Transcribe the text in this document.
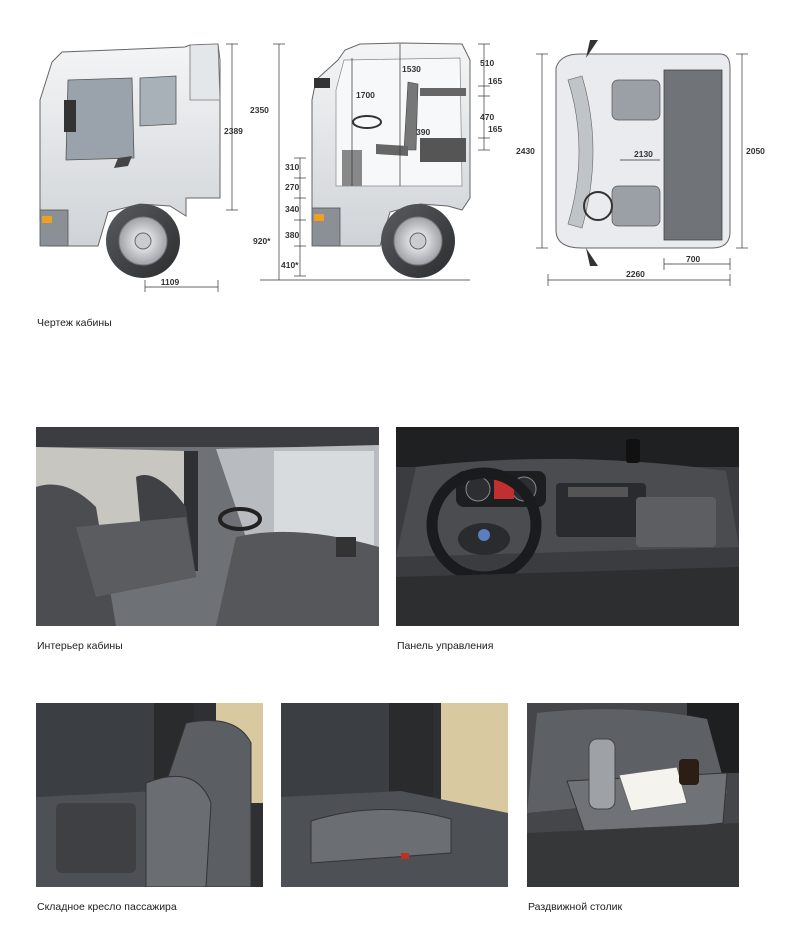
2389
1109
2350
1700
1530
510
165
470
165
390
310
270
340
380
410*
920*
2430	2130	2050
2260
700
Чертеж кабины
Интерьер кабины	Панель управления
Складное кресло пассажира	Раздвижной столик
